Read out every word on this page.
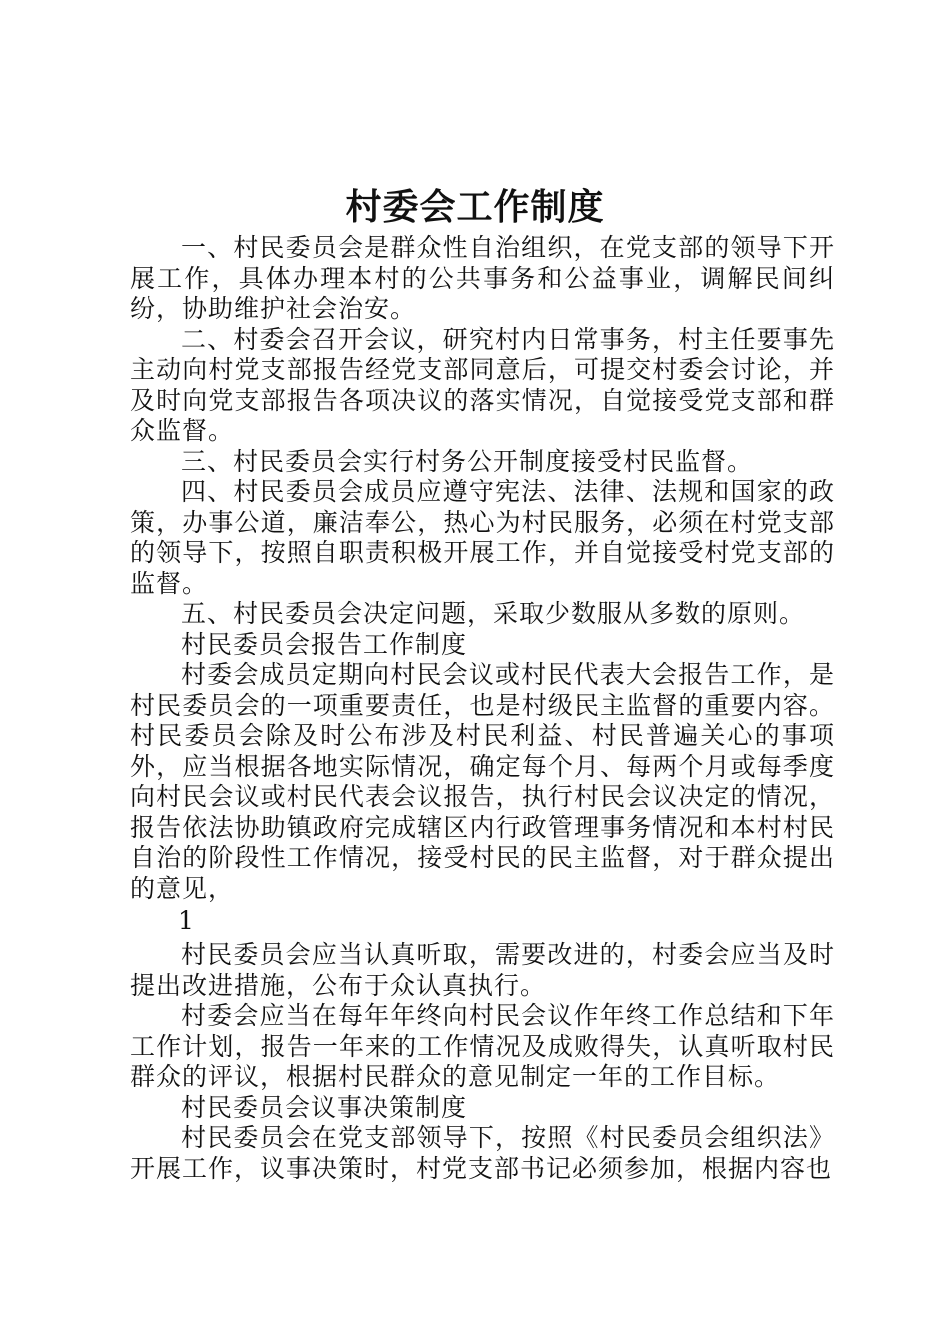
村委会工作制度

一、村民委员会是群众性自治组织，在党支部的领导下开展工作，具体办理本村的公共事务和公益事业，调解民间纠纷，协助维护社会治安。

二、村委会召开会议，研究村内日常事务，村主任要事先主动向村党支部报告经党支部同意后，可提交村委会讨论，并及时向党支部报告各项决议的落实情况，自觉接受党支部和群众监督。

三、村民委员会实行村务公开制度接受村民监督。

四、村民委员会成员应遵守宪法、法律、法规和国家的政策，办事公道，廉洁奉公，热心为村民服务，必须在村党支部的领导下，按照自职责积极开展工作，并自觉接受村党支部的监督。

五、村民委员会决定问题，采取少数服从多数的原则。

村民委员会报告工作制度

村委会成员定期向村民会议或村民代表大会报告工作，是村民委员会的一项重要责任，也是村级民主监督的重要内容。村民委员会除及时公布涉及村民利益、村民普遍关心的事项外，应当根据各地实际情况，确定每个月、每两个月或每季度向村民会议或村民代表会议报告，执行村民会议决定的情况，报告依法协助镇政府完成辖区内行政管理事务情况和本村村民自治的阶段性工作情况，接受村民的民主监督，对于群众提出的意见，

1

村民委员会应当认真听取，需要改进的，村委会应当及时提出改进措施，公布于众认真执行。

村委会应当在每年年终向村民会议作年终工作总结和下年工作计划，报告一年来的工作情况及成败得失，认真听取村民群众的评议，根据村民群众的意见制定一年的工作目标。

村民委员会议事决策制度

村民委员会在党支部领导下，按照《村民委员会组织法》开展工作，议事决策时，村党支部书记必须参加，根据内容也
